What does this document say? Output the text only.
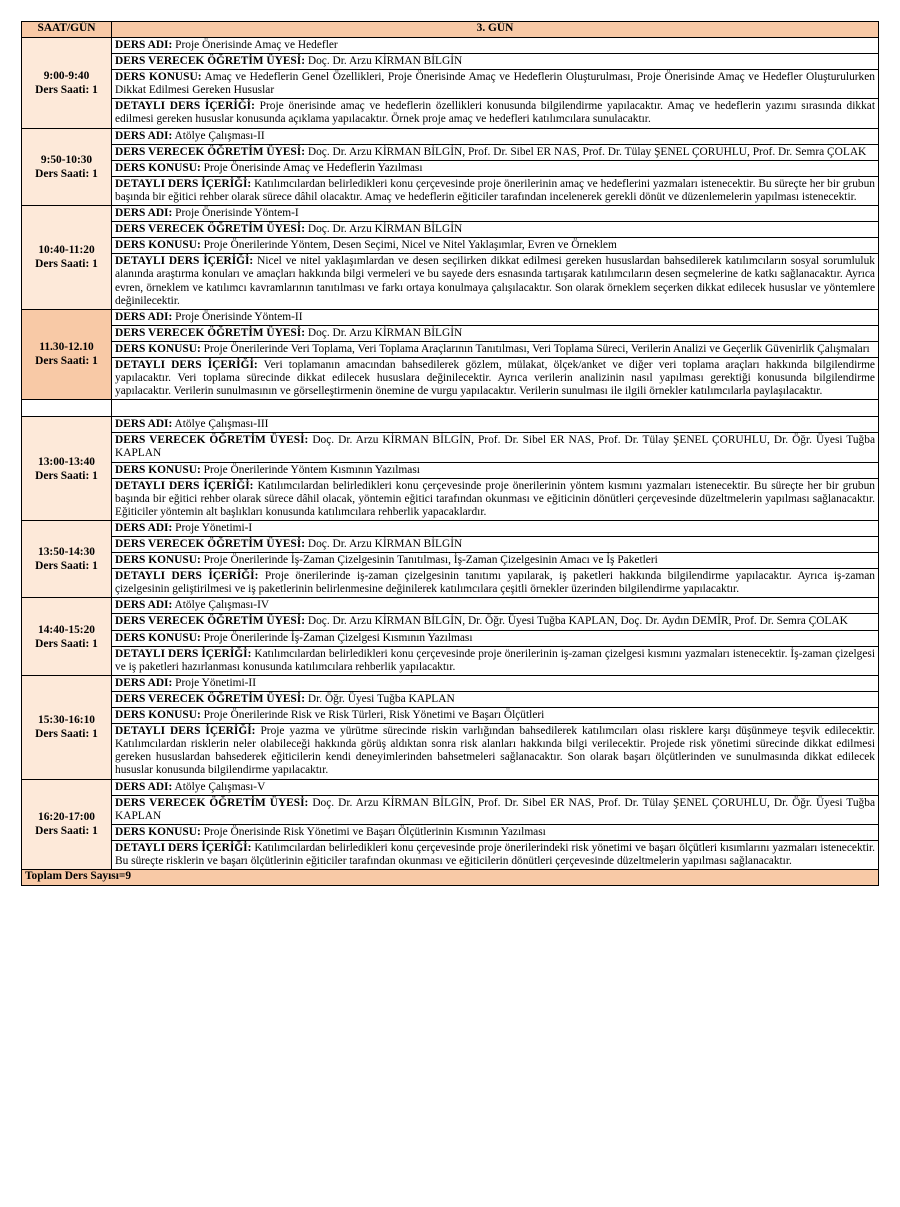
SAAT/GÜN	3. GÜN

9:00-9:40
Ders Saati: 1	DERS ADI: Proje Önerisinde Amaç ve Hedefler
	DERS VERECEK ÖĞRETİM ÜYESİ: Doç. Dr. Arzu KİRMAN BİLGİN
	DERS KONUSU: Amaç ve Hedeflerin Genel Özellikleri, Proje Önerisinde Amaç ve Hedeflerin Oluşturulması, Proje Önerisinde Amaç ve Hedefler Oluşturulurken Dikkat Edilmesi Gereken Hususlar
	DETAYLI DERS İÇERİĞİ: Proje önerisinde amaç ve hedeflerin özellikleri konusunda bilgilendirme yapılacaktır. Amaç ve hedeflerin yazımı sırasında dikkat edilmesi gereken hususlar konusunda açıklama yapılacaktır. Örnek proje amaç ve hedefleri katılımcılara sunulacaktır.

9:50-10:30
Ders Saati: 1	DERS ADI: Atölye Çalışması-II
	DERS VERECEK ÖĞRETİM ÜYESİ: Doç. Dr. Arzu KİRMAN BİLGİN, Prof. Dr. Sibel ER NAS, Prof. Dr. Tülay ŞENEL ÇORUHLU, Prof. Dr. Semra ÇOLAK
	DERS KONUSU: Proje Önerisinde Amaç ve Hedeflerin Yazılması
	DETAYLI DERS İÇERİĞİ: Katılımcılardan belirledikleri konu çerçevesinde proje önerilerinin amaç ve hedeflerini yazmaları istenecektir. Bu süreçte her bir grubun başında bir eğitici rehber olarak sürece dâhil olacaktır. Amaç ve hedeflerin eğiticiler tarafından incelenerek gerekli dönüt ve düzenlemelerin yapılması istenecektir.

10:40-11:20
Ders Saati: 1	DERS ADI: Proje Önerisinde Yöntem-I
	DERS VERECEK ÖĞRETİM ÜYESİ: Doç. Dr. Arzu KİRMAN BİLGİN
	DERS KONUSU: Proje Önerilerinde Yöntem, Desen Seçimi, Nicel ve Nitel Yaklaşımlar, Evren ve Örneklem
	DETAYLI DERS İÇERİĞİ: Nicel ve nitel yaklaşımlardan ve desen seçilirken dikkat edilmesi gereken hususlardan bahsedilerek katılımcıların sosyal sorumluluk alanında araştırma konuları ve amaçları hakkında bilgi vermeleri ve bu sayede ders esnasında tartışarak katılımcıların desen seçmelerine de katkı sağlanacaktır. Ayrıca evren, örneklem ve katılımcı kavramlarının tanıtılması ve farkı ortaya konulmaya çalışılacaktır. Son olarak örneklem seçerken dikkat edilecek hususlar ve yöntemlere değinilecektir.

11.30-12.10
Ders Saati: 1	DERS ADI: Proje Önerisinde Yöntem-II
	DERS VERECEK ÖĞRETİM ÜYESİ: Doç. Dr. Arzu KİRMAN BİLGİN
	DERS KONUSU: Proje Önerilerinde Veri Toplama, Veri Toplama Araçlarının Tanıtılması, Veri Toplama Süreci, Verilerin Analizi ve Geçerlik Güvenirlik Çalışmaları
	DETAYLI DERS İÇERİĞİ: Veri toplamanın amacından bahsedilerek gözlem, mülakat, ölçek/anket ve diğer veri toplama araçları hakkında bilgilendirme yapılacaktır. Veri toplama sürecinde dikkat edilecek hususlara değinilecektir. Ayrıca verilerin analizinin nasıl yapılması gerektiği konusunda bilgilendirme yapılacaktır. Verilerin sunulmasının ve görselleştirmenin önemine de vurgu yapılacaktır. Verilerin sunulması ile ilgili örnekler katılımcılarla paylaşılacaktır.

13:00-13:40
Ders Saati: 1	DERS ADI: Atölye Çalışması-III
	DERS VERECEK ÖĞRETİM ÜYESİ: Doç. Dr. Arzu KİRMAN BİLGİN, Prof. Dr. Sibel ER NAS, Prof. Dr. Tülay ŞENEL ÇORUHLU, Dr. Öğr. Üyesi Tuğba KAPLAN
	DERS KONUSU: Proje Önerilerinde Yöntem Kısmının Yazılması
	DETAYLI DERS İÇERİĞİ: Katılımcılardan belirledikleri konu çerçevesinde proje önerilerinin yöntem kısmını yazmaları istenecektir. Bu süreçte her bir grubun başında bir eğitici rehber olarak sürece dâhil olacak, yöntemin eğitici tarafından okunması ve eğiticinin dönütleri çerçevesinde düzeltmelerin yapılması sağlanacaktır. Eğiticiler yöntemin alt başlıkları konusunda katılımcılara rehberlik yapacaklardır.

13:50-14:30
Ders Saati: 1	DERS ADI: Proje Yönetimi-I
	DERS VERECEK ÖĞRETİM ÜYESİ: Doç. Dr. Arzu KİRMAN BİLGİN
	DERS KONUSU: Proje Önerilerinde İş-Zaman Çizelgesinin Tanıtılması, İş-Zaman Çizelgesinin Amacı ve İş Paketleri
	DETAYLI DERS İÇERİĞİ: Proje önerilerinde iş-zaman çizelgesinin tanıtımı yapılarak, iş paketleri hakkında bilgilendirme yapılacaktır. Ayrıca iş-zaman çizelgesinin geliştirilmesi ve iş paketlerinin belirlenmesine değinilerek katılımcılara çeşitli örnekler üzerinden bilgilendirme yapılacaktır.

14:40-15:20
Ders Saati: 1	DERS ADI: Atölye Çalışması-IV
	DERS VERECEK ÖĞRETİM ÜYESİ: Doç. Dr. Arzu KİRMAN BİLGİN, Dr. Öğr. Üyesi Tuğba KAPLAN, Doç. Dr. Aydın DEMİR, Prof. Dr. Semra ÇOLAK
	DERS KONUSU: Proje Önerilerinde İş-Zaman Çizelgesi Kısmının Yazılması
	DETAYLI DERS İÇERİĞİ: Katılımcılardan belirledikleri konu çerçevesinde proje önerilerinin iş-zaman çizelgesi kısmını yazmaları istenecektir. İş-zaman çizelgesi ve iş paketleri hazırlanması konusunda katılımcılara rehberlik yapılacaktır.

15:30-16:10
Ders Saati: 1	DERS ADI: Proje Yönetimi-II
	DERS VERECEK ÖĞRETİM ÜYESİ: Dr. Öğr. Üyesi Tuğba KAPLAN
	DERS KONUSU: Proje Önerilerinde Risk ve Risk Türleri, Risk Yönetimi ve Başarı Ölçütleri
	DETAYLI DERS İÇERİĞİ: Proje yazma ve yürütme sürecinde riskin varlığından bahsedilerek katılımcıları olası risklere karşı düşünmeye teşvik edilecektir. Katılımcılardan risklerin neler olabileceği hakkında görüş aldıktan sonra risk alanları hakkında bilgi verilecektir. Projede risk yönetimi sürecinde dikkat edilmesi gereken hususlardan bahsederek eğiticilerin kendi deneyimlerinden bahsetmeleri sağlanacaktır. Son olarak başarı ölçütlerinden ve sunulmasında dikkat edilecek hususlar konusunda bilgilendirme yapılacaktır.

16:20-17:00
Ders Saati: 1	DERS ADI: Atölye Çalışması-V
	DERS VERECEK ÖĞRETİM ÜYESİ: Doç. Dr. Arzu KİRMAN BİLGİN, Prof. Dr. Sibel ER NAS, Prof. Dr. Tülay ŞENEL ÇORUHLU, Dr. Öğr. Üyesi Tuğba KAPLAN
	DERS KONUSU: Proje Önerisinde Risk Yönetimi ve Başarı Ölçütlerinin Kısmının Yazılması
	DETAYLI DERS İÇERİĞİ: Katılımcılardan belirledikleri konu çerçevesinde proje önerilerindeki risk yönetimi ve başarı ölçütleri kısımlarını yazmaları istenecektir. Bu süreçte risklerin ve başarı ölçütlerinin eğiticiler tarafından okunması ve eğiticilerin dönütleri çerçevesinde düzeltmelerin yapılması sağlanacaktır.
Toplam Ders Sayısı=9	
